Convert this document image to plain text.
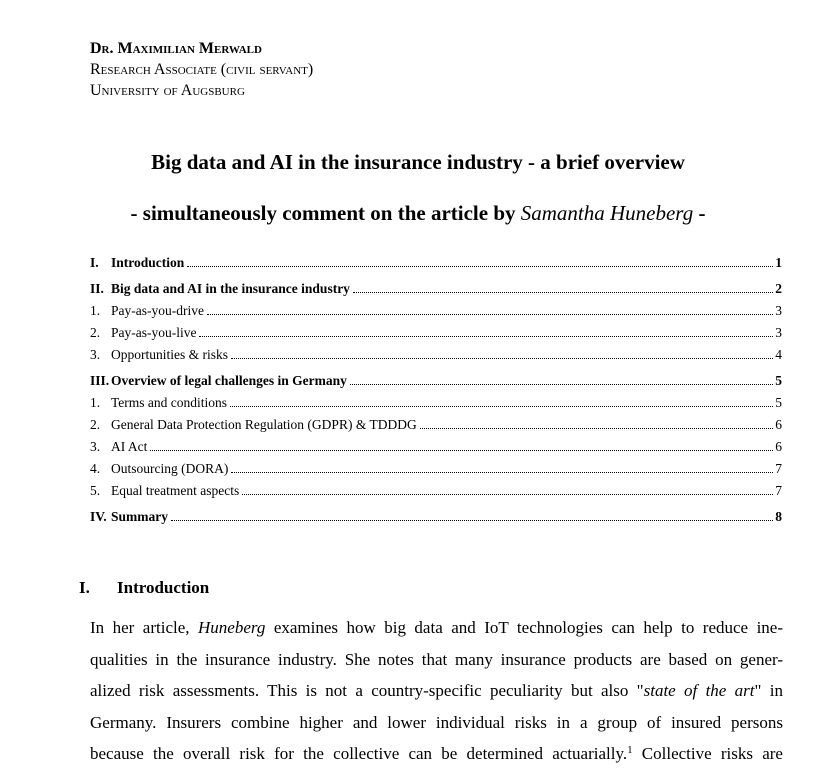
Dr. Maximilian Merwald
Research Associate (civil servant)
University of Augsburg
Big data and AI in the insurance industry - a brief overview
- simultaneously comment on the article by Samantha Huneberg -
I. Introduction	1
II. Big data and AI in the insurance industry	2
1. Pay-as-you-drive	3
2. Pay-as-you-live	3
3. Opportunities & risks	4
III. Overview of legal challenges in Germany	5
1. Terms and conditions	5
2. General Data Protection Regulation (GDPR) & TDDDG	6
3. AI Act	6
4. Outsourcing (DORA)	7
5. Equal treatment aspects	7
IV. Summary	8
I. Introduction
In her article, Huneberg examines how big data and IoT technologies can help to reduce ine-
qualities in the insurance industry. She notes that many insurance products are based on gener-
alized risk assessments. This is not a country-specific peculiarity but also "state of the art" in
Germany. Insurers combine higher and lower individual risks in a group of insured persons
because the overall risk for the collective can be determined actuarially.$^1$ Collective risks are
